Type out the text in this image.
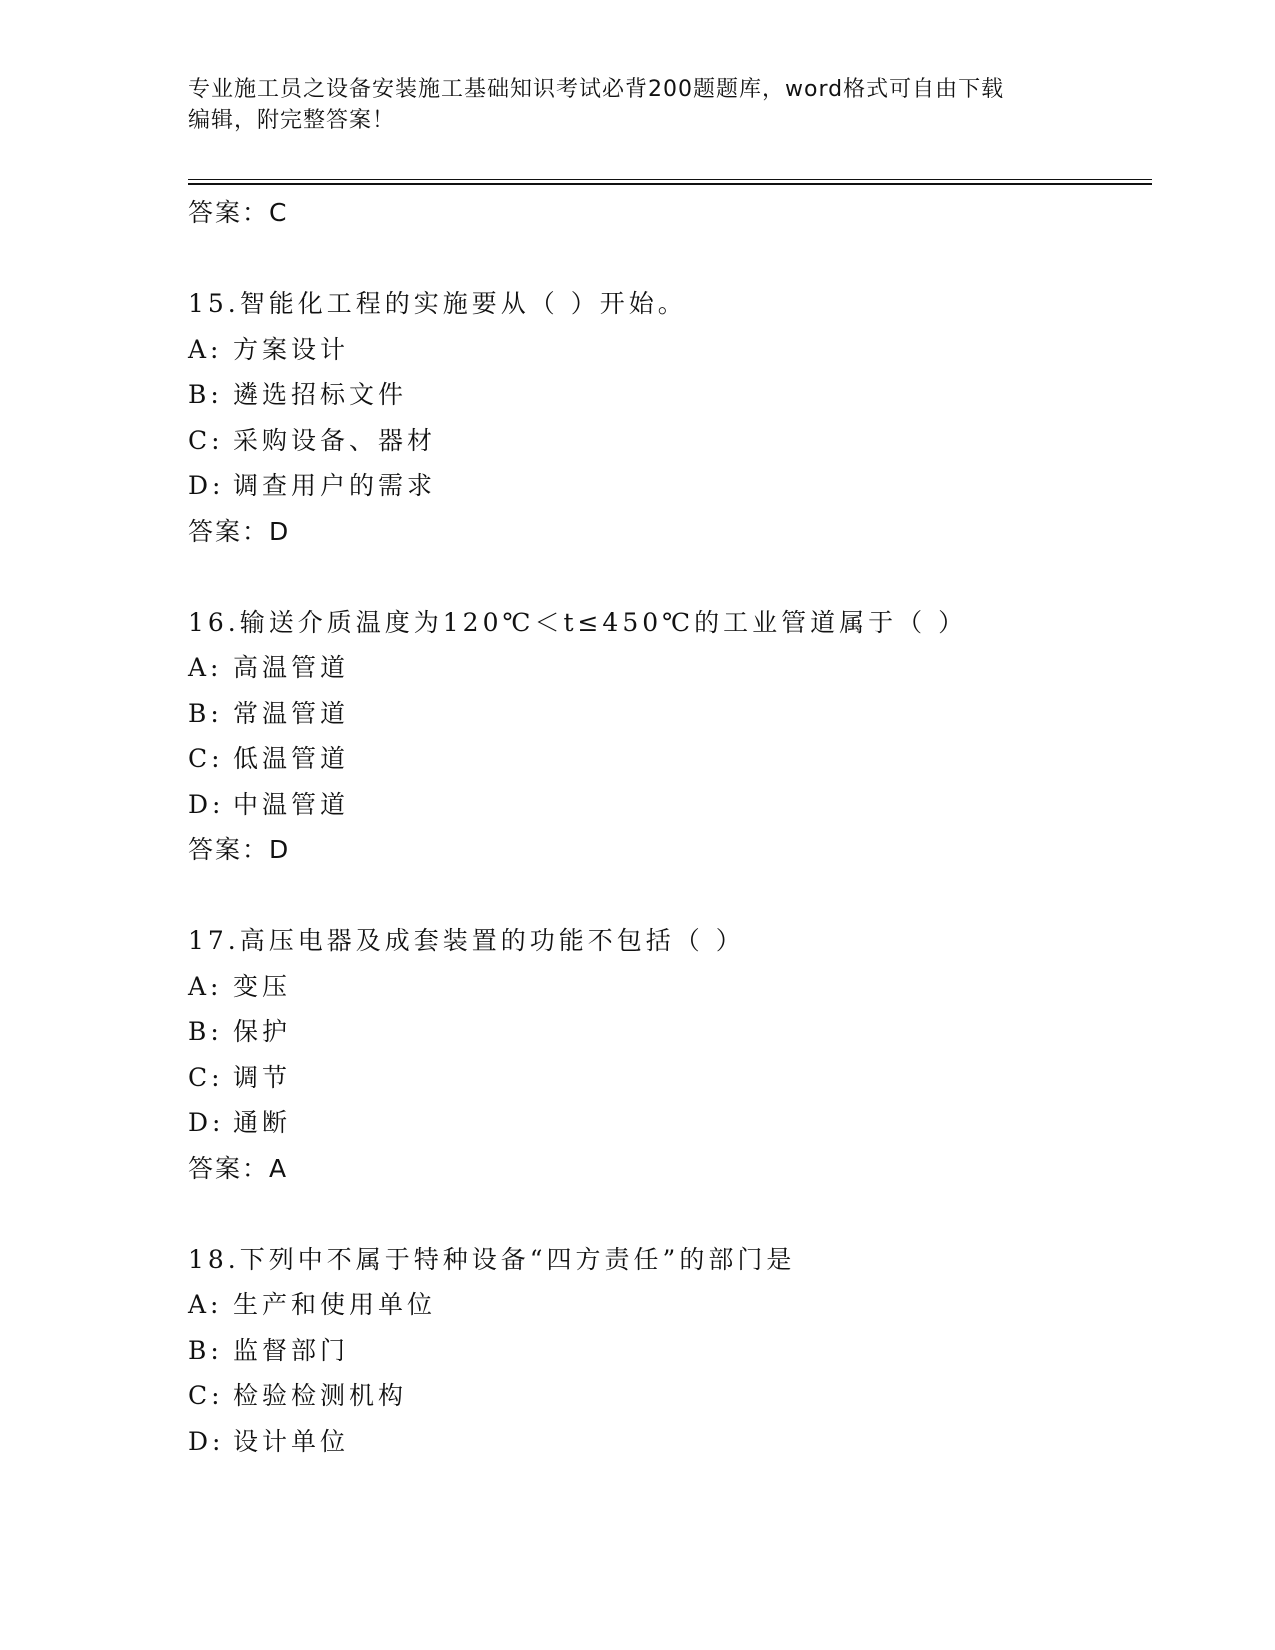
专业施工员之设备安装施工基础知识考试必背200题题库，word格式可自由下载
编辑，附完整答案！
答案：C
15.智能化工程的实施要从（ ）开始。
A: 方案设计
B: 遴选招标文件
C: 采购设备、器材
D: 调查用户的需求
答案：D
16.输送介质温度为120℃＜t≤450℃的工业管道属于（ ）
A: 高温管道
B: 常温管道
C: 低温管道
D: 中温管道
答案：D
17.高压电器及成套装置的功能不包括（ ）
A: 变压
B: 保护
C: 调节
D: 通断
答案：A
18.下列中不属于特种设备“四方责任”的部门是
A: 生产和使用单位
B: 监督部门
C: 检验检测机构
D: 设计单位
